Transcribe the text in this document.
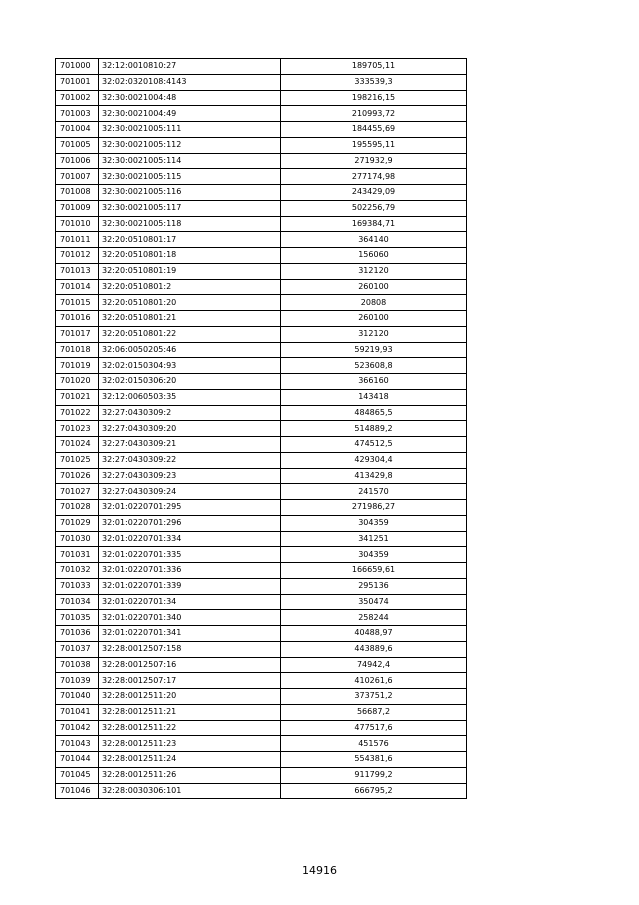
701000	32:12:0010810:27	189705,11
701001	32:02:0320108:4143	333539,3
701002	32:30:0021004:48	198216,15
701003	32:30:0021004:49	210993,72
701004	32:30:0021005:111	184455,69
701005	32:30:0021005:112	195595,11
701006	32:30:0021005:114	271932,9
701007	32:30:0021005:115	277174,98
701008	32:30:0021005:116	243429,09
701009	32:30:0021005:117	502256,79
701010	32:30:0021005:118	169384,71
701011	32:20:0510801:17	364140
701012	32:20:0510801:18	156060
701013	32:20:0510801:19	312120
701014	32:20:0510801:2	260100
701015	32:20:0510801:20	20808
701016	32:20:0510801:21	260100
701017	32:20:0510801:22	312120
701018	32:06:0050205:46	59219,93
701019	32:02:0150304:93	523608,8
701020	32:02:0150306:20	366160
701021	32:12:0060503:35	143418
701022	32:27:0430309:2	484865,5
701023	32:27:0430309:20	514889,2
701024	32:27:0430309:21	474512,5
701025	32:27:0430309:22	429304,4
701026	32:27:0430309:23	413429,8
701027	32:27:0430309:24	241570
701028	32:01:0220701:295	271986,27
701029	32:01:0220701:296	304359
701030	32:01:0220701:334	341251
701031	32:01:0220701:335	304359
701032	32:01:0220701:336	166659,61
701033	32:01:0220701:339	295136
701034	32:01:0220701:34	350474
701035	32:01:0220701:340	258244
701036	32:01:0220701:341	40488,97
701037	32:28:0012507:158	443889,6
701038	32:28:0012507:16	74942,4
701039	32:28:0012507:17	410261,6
701040	32:28:0012511:20	373751,2
701041	32:28:0012511:21	56687,2
701042	32:28:0012511:22	477517,6
701043	32:28:0012511:23	451576
701044	32:28:0012511:24	554381,6
701045	32:28:0012511:26	911799,2
701046	32:28:0030306:101	666795,2
14916
